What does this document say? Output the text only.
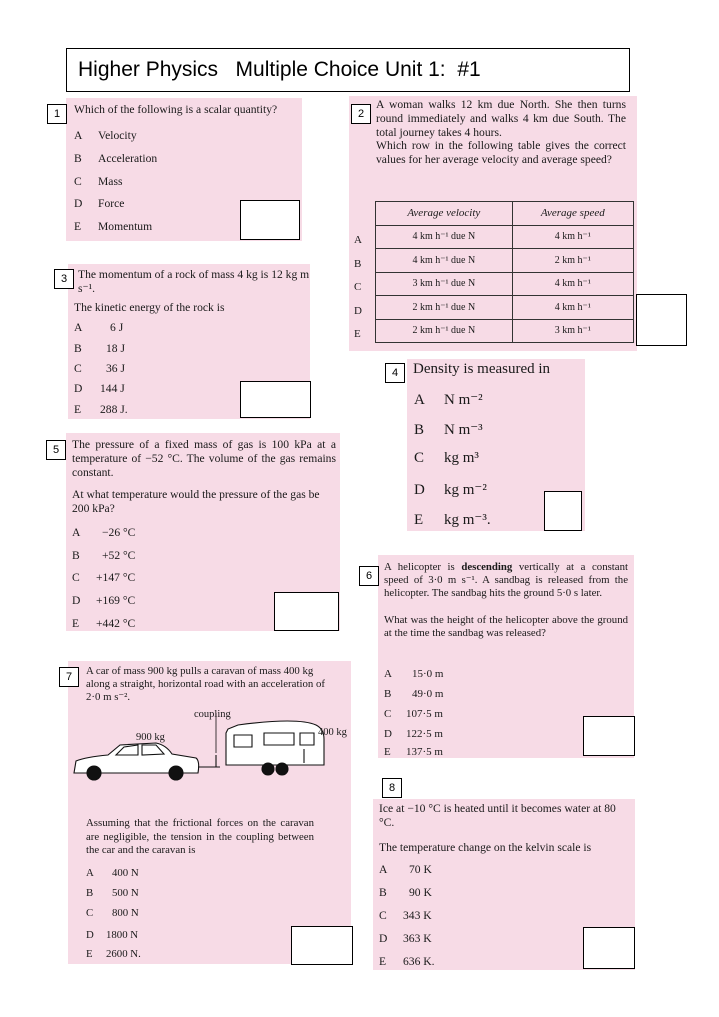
Higher Physics   Multiple Choice Unit 1:  #1
1	Which of the following is a scalar quantity?
A Velocity
B Acceleration
C Mass
D Force
E Momentum
2
A woman walks 12 km due North. She then turns round immediately and walks 4 km due South. The total journey takes 4 hours.
Which row in the following table gives the correct values for her average velocity and average speed?
Average velocity	Average speed
4 km h⁻¹ due N	4 km h⁻¹
4 km h⁻¹ due N	2 km h⁻¹
3 km h⁻¹ due N	4 km h⁻¹
2 km h⁻¹ due N	4 km h⁻¹
2 km h⁻¹ due N	3 km h⁻¹
A
B
C
D
E
3 The momentum of a rock of mass 4 kg is 12 kg m s⁻¹.
The kinetic energy of the rock is
A 6 J
B 18 J
C 36 J
D 144 J
E 288 J.
4 Density is measured in
A N m⁻²
B N m⁻³
C kg m³
D kg m⁻²
E kg m⁻³.
5	The pressure of a fixed mass of gas is 100 kPa at a temperature of −52 °C. The volume of the gas remains constant.
At what temperature would the pressure of the gas be 200 kPa?
A −26 °C
B +52 °C
C +147 °C
D +169 °C
E +442 °C
6
A helicopter is descending vertically at a constant speed of 3·0 m s⁻¹. A sandbag is released from the helicopter. The sandbag hits the ground 5·0 s later.
What was the height of the helicopter above the ground at the time the sandbag was released?
A 15·0 m
B 49·0 m
C 107·5 m
D 122·5 m
E 137·5 m
7	A car of mass 900 kg pulls a caravan of mass 400 kg along a straight, horizontal road with an acceleration of 2·0 m s⁻².
coupling
900 kg	400 kg
Assuming that the frictional forces on the caravan are negligible, the tension in the coupling between the car and the caravan is
A 400 N
B 500 N
C 800 N
D 1800 N
E 2600 N.
8
Ice at −10 °C is heated until it becomes water at 80 °C.
The temperature change on the kelvin scale is
A 70 K
B 90 K
C 343 K
D 363 K
E 636 K.
